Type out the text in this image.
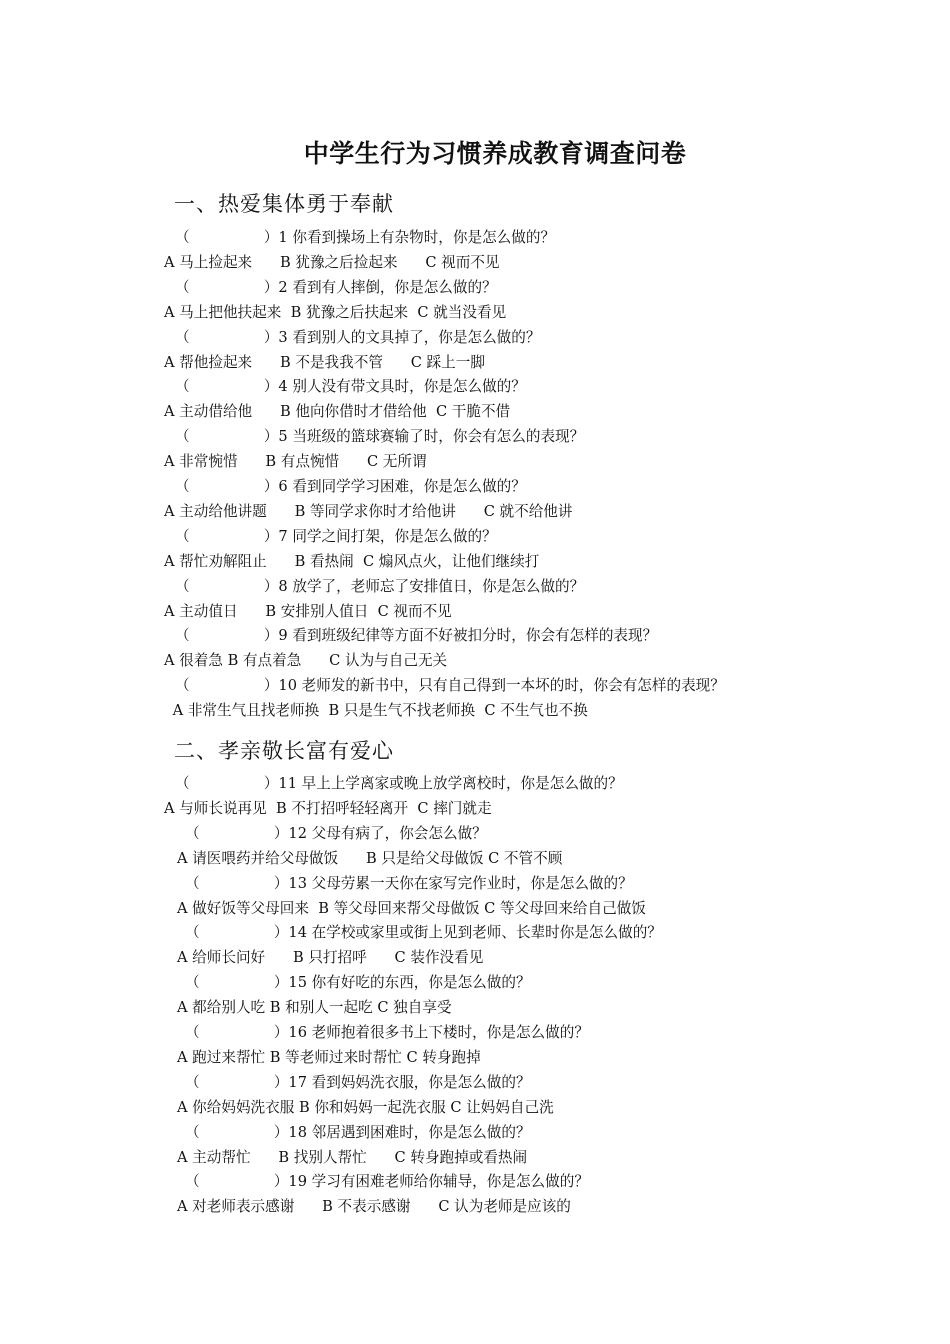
中学生行为习惯养成教育调查问卷
一、热爱集体勇于奉献
（                ）1 你看到操场上有杂物时，你是怎么做的？
A 马上捡起来      B 犹豫之后捡起来      C 视而不见
（                ）2 看到有人摔倒，你是怎么做的？
A 马上把他扶起来  B 犹豫之后扶起来  C 就当没看见
（                ）3 看到别人的文具掉了，你是怎么做的？
A 帮他捡起来      B 不是我我不管      C 踩上一脚
（                ）4 别人没有带文具时，你是怎么做的？
A 主动借给他      B 他向你借时才借给他  C 干脆不借
（                ）5 当班级的篮球赛输了时，你会有怎么的表现？
A 非常惋惜      B 有点惋惜      C 无所谓
（                ）6 看到同学学习困难，你是怎么做的？
A 主动给他讲题      B 等同学求你时才给他讲      C 就不给他讲
（                ）7 同学之间打架，你是怎么做的？
A 帮忙劝解阻止      B 看热闹  C 煽风点火，让他们继续打
（                ）8 放学了，老师忘了安排值日，你是怎么做的？
A 主动值日      B 安排别人值日  C 视而不见
（                ）9 看到班级纪律等方面不好被扣分时，你会有怎样的表现？
A 很着急 B 有点着急      C 认为与自己无关
（                ）10 老师发的新书中，只有自己得到一本坏的时，你会有怎样的表现？
A 非常生气且找老师换  B 只是生气不找老师换  C 不生气也不换
二、孝亲敬长富有爱心
（                ）11 早上上学离家或晚上放学离校时，你是怎么做的？
A 与师长说再见  B 不打招呼轻轻离开  C 摔门就走
（                ）12 父母有病了，你会怎么做？
A 请医喂药并给父母做饭      B 只是给父母做饭 C 不管不顾
（                ）13 父母劳累一天你在家写完作业时，你是怎么做的？
A 做好饭等父母回来  B 等父母回来帮父母做饭 C 等父母回来给自己做饭
（                ）14 在学校或家里或街上见到老师、长辈时你是怎么做的？
A 给师长问好      B 只打招呼      C 装作没看见
（                ）15 你有好吃的东西，你是怎么做的？
A 都给别人吃 B 和别人一起吃 C 独自享受
（                ）16 老师抱着很多书上下楼时，你是怎么做的？
A 跑过来帮忙 B 等老师过来时帮忙 C 转身跑掉
（                ）17 看到妈妈洗衣服，你是怎么做的？
A 你给妈妈洗衣服 B 你和妈妈一起洗衣服 C 让妈妈自己洗
（                ）18 邻居遇到困难时，你是怎么做的？
A 主动帮忙      B 找别人帮忙      C 转身跑掉或看热闹
（                ）19 学习有困难老师给你辅导，你是怎么做的？
A 对老师表示感谢      B 不表示感谢      C 认为老师是应该的
